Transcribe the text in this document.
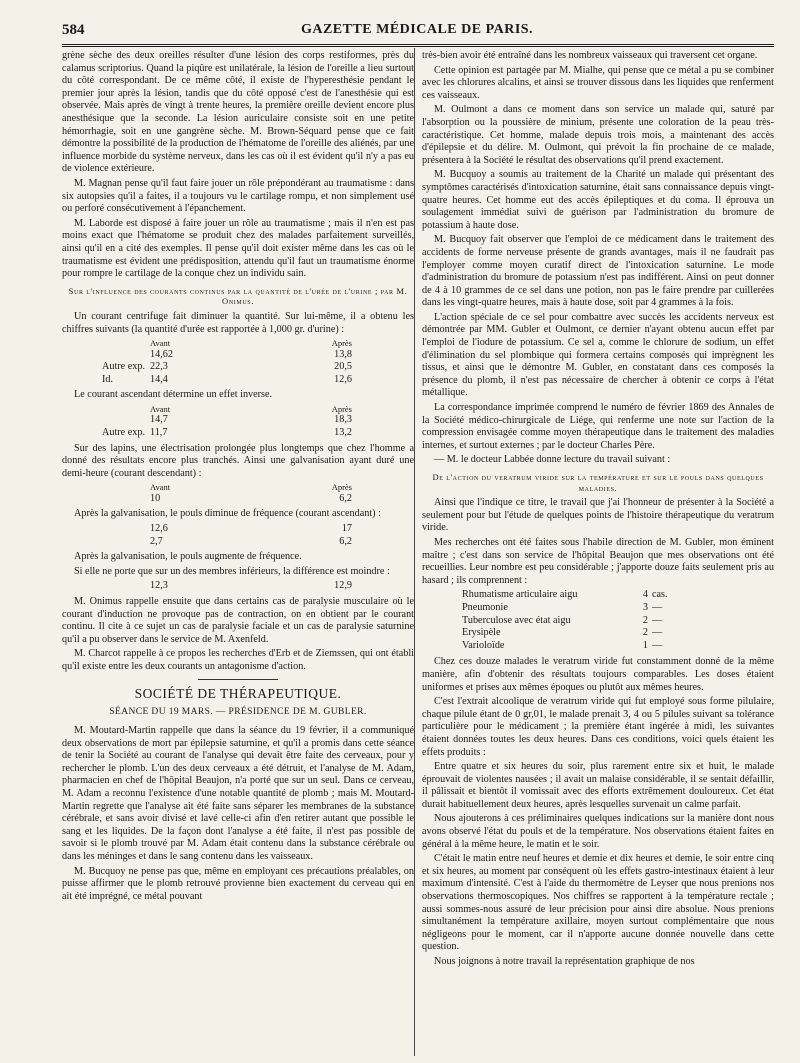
584	GAZETTE MÉDICALE DE PARIS.

grène sèche des deux oreilles résulter d'une lésion des corps restiformes, près du calamus scriptorius. Quand la piqûre est unilatérale, la lésion de l'oreille a lieu surtout du côté correspondant. De ce même côté, il existe de l'hyperesthésie pendant le premier jour après la lésion, tandis que du côté opposé c'est de l'anesthésie qui est observée. Mais après de vingt à trente heures, la première oreille devient encore plus anesthésique que la seconde. La lésion auriculaire consiste soit en une petite hémorrhagie, soit en une gangrène sèche. M. Brown-Séquard pense que ce fait démontre la possibilité de la production de l'hématome de l'oreille des aliénés, par une influence morbide du système nerveux, dans les cas où il est évident qu'il n'y a pas eu de violence extérieure.

M. Magnan pense qu'il faut faire jouer un rôle prépondérant au traumatisme : dans six autopsies qu'il a faites, il a toujours vu le cartilage rompu, et non simplement usé ou perforé consécutivement à l'épanchement.

M. Laborde est disposé à faire jouer un rôle au traumatisme ; mais il n'en est pas moins exact que l'hématome se produit chez des malades parfaitement surveillés, ainsi qu'il en a cité des exemples. Il pense qu'il doit exister même dans les cas où le traumatisme est évident une prédisposition, attendu qu'il faut un traumatisme énorme pour rompre le cartilage de la conque chez un individu sain.

Sur l'influence des courants continus par la quantité de l'urée de l'urine ; par M. Onimus.

Un courant centrifuge fait diminuer la quantité. Sur lui-même, il a obtenu les chiffres suivants (la quantité d'urée est rapportée à 1,000 gr. d'urine) :

Avant	Après
14,62	13,8
Autre exp. 22,3	20,5
Id.	14,4	12,6

Le courant ascendant détermine un effet inverse.

Avant	Après
14,7	18,3
Autre exp. 11,7	13,2

Sur des lapins, une électrisation prolongée plus longtemps que chez l'homme a donné des résultats encore plus tranchés. Ainsi une galvanisation ayant duré une demi-heure (courant descendant) :

Avant	Après
10	6,2

Après la galvanisation, le pouls diminue de fréquence (courant ascendant) :

12,6	17
2,7	6,2

Après la galvanisation, le pouls augmente de fréquence.

Si elle ne porte que sur un des membres inférieurs, la différence est moindre :

12,3	12,9

M. Onimus rappelle ensuite que dans certains cas de paralysie musculaire où le courant d'induction ne provoque pas de contraction, on en obtient par le courant continu. Il cite à ce sujet un cas de paralysie faciale et un cas de paralysie saturnine qu'il a pu observer dans le service de M. Axenfeld.

M. Charcot rappelle à ce propos les recherches d'Erb et de Ziemssen, qui ont établi qu'il existe entre les deux courants un antagonisme d'action.

SOCIÉTÉ DE THÉRAPEUTIQUE.

SÉANCE DU 19 MARS. — PRÉSIDENCE DE M. GUBLER.

M. Moutard-Martin rappelle que dans la séance du 19 février, il a communiqué deux observations de mort par épilepsie saturnine, et qu'il a promis dans cette séance de tenir la Société au courant de l'analyse qui devait être faite des cerveaux, pour y rechercher le plomb. L'un des deux cerveaux a été détruit, et l'analyse de M. Adam, pharmacien en chef de l'hôpital Beaujon, n'a porté que sur un seul. Dans ce cerveau, M. Adam a reconnu l'existence d'une notable quantité de plomb ; mais M. Moutard-Martin regrette que l'analyse ait été faite sans séparer les membranes de la substance cérébrale, et sans avoir divisé et lavé celle-ci afin d'en retirer autant que possible le sang et les liquides. De la façon dont l'analyse a été faite, il n'est pas possible de savoir si le plomb trouvé par M. Adam était contenu dans la substance cérébrale ou dans les méninges et dans le sang contenu dans les vaisseaux.

M. Bucquoy ne pense pas que, même en employant ces précautions préalables, on puisse affirmer que le plomb retrouvé provienne bien exactement du cerveau qui en ait été imprégné, ce métal pouvant

très-bien avoir été entraîné dans les nombreux vaisseaux qui traversent cet organe.

Cette opinion est partagée par M. Mialhe, qui pense que ce métal a pu se combiner avec les chlorures alcalins, et ainsi se trouver dissous dans les liquides que renferment ces vaisseaux.

M. Oulmont a dans ce moment dans son service un malade qui, saturé par l'absorption ou la poussière de minium, présente une coloration de la peau très-caractéristique. Cet homme, malade depuis trois mois, a maintenant des accès d'épilepsie et du délire. M. Oulmont, qui prévoit la fin prochaine de ce malade, présentera à la Société le résultat des observations qu'il prend exactement.

M. Bucquoy a soumis au traitement de la Charité un malade qui présentant des symptômes caractérisés d'intoxication saturnine, était sans connaissance depuis vingt-quatre heures. Cet homme eut des accès épileptiques et du coma. Il éprouva un soulagement immédiat suivi de guérison par l'administration du bromure de potassium à haute dose.

M. Bucquoy fait observer que l'emploi de ce médicament dans le traitement des accidents de forme nerveuse présente de grands avantages, mais il ne faudrait pas l'employer comme moyen curatif direct de l'intoxication saturnine. Le mode d'administration du bromure de potassium n'est pas indifférent. Ainsi on peut donner de 4 à 10 grammes de ce sel dans une potion, non pas le faire prendre par cuillerées dans les vingt-quatre heures, mais à haute dose, soit par 4 grammes à la fois.

L'action spéciale de ce sel pour combattre avec succès les accidents nerveux est démontrée par MM. Gubler et Oulmont, ce dernier n'ayant obtenu aucun effet par l'emploi de l'iodure de potassium. Ce sel a, comme le chlorure de sodium, un effet d'élimination du sel plombique qui formera certains composés qui imprègnent les tissus, et ainsi que le démontre M. Gubler, en constatant dans ces composés la présence du plomb, il n'est pas nécessaire de chercher à obtenir ce corps à l'état métallique.

La correspondance imprimée comprend le numéro de février 1869 des Annales de la Société médico-chirurgicale de Liége, qui renferme une note sur l'action de la compression envisagée comme moyen thérapeutique dans le traitement des maladies internes, et surtout externes ; par le docteur Charles Père.

— M. le docteur Labbée donne lecture du travail suivant :

De l'action du veratrum viride sur la température et sur le pouls dans quelques maladies.

Ainsi que l'indique ce titre, le travail que j'ai l'honneur de présenter à la Société a seulement pour but l'étude de quelques points de l'histoire thérapeutique du veratrum viride.

Mes recherches ont été faites sous l'habile direction de M. Gubler, mon éminent maître ; c'est dans son service de l'hôpital Beaujon que mes observations ont été recueillies. Leur nombre est peu considérable ; j'apporte douze faits seulement pris au hasard ; ils comprennent :

Rhumatisme articulaire aigu	4 cas.
Pneumonie	3 —
Tuberculose avec état aigu	2 —
Erysipèle	2 —
Varioloïde	1 —

Chez ces douze malades le veratrum viride fut constamment donné de la même manière, afin d'obtenir des résultats toujours comparables. Les doses étaient uniformes et prises aux mêmes époques ou plutôt aux mêmes heures.

C'est l'extrait alcoolique de veratrum viride qui fut employé sous forme pilulaire, chaque pilule étant de 0 gr,01, le malade prenait 3, 4 ou 5 pilules suivant sa tolérance particulière pour le médicament ; la première étant ingérée à midi, les suivantes étaient données toutes les deux heures. Dans ces conditions, voici quels étaient les effets produits :

Entre quatre et six heures du soir, plus rarement entre six et huit, le malade éprouvait de violentes nausées ; il avait un malaise considérable, il se sentait défaillir, il pâlissait et bientôt il vomissait avec des efforts extrêmement douloureux. Cet état durait habituellement deux heures, après lesquelles survenait un calme parfait.

Nous ajouterons à ces préliminaires quelques indications sur la manière dont nous avons observé l'état du pouls et de la température. Nos observations étaient faites en général à la même heure, le matin et le soir.

C'était le matin entre neuf heures et demie et dix heures et demie, le soir entre cinq et six heures, au moment par conséquent où les effets gastro-intestinaux étaient à leur maximum d'intensité. C'est à l'aide du thermomètre de Leyser que nous prenions nos observations thermoscopiques. Nos chiffres se rapportent à la température rectale ; aussi sommes-nous assuré de leur précision pour ainsi dire absolue. Nous prenions simultanément la température axillaire, moyen surtout complémentaire que nous négligeons pour le moment, car il n'apporte aucune donnée nouvelle dans cette question.

Nous joignons à notre travail la représentation graphique de nos
